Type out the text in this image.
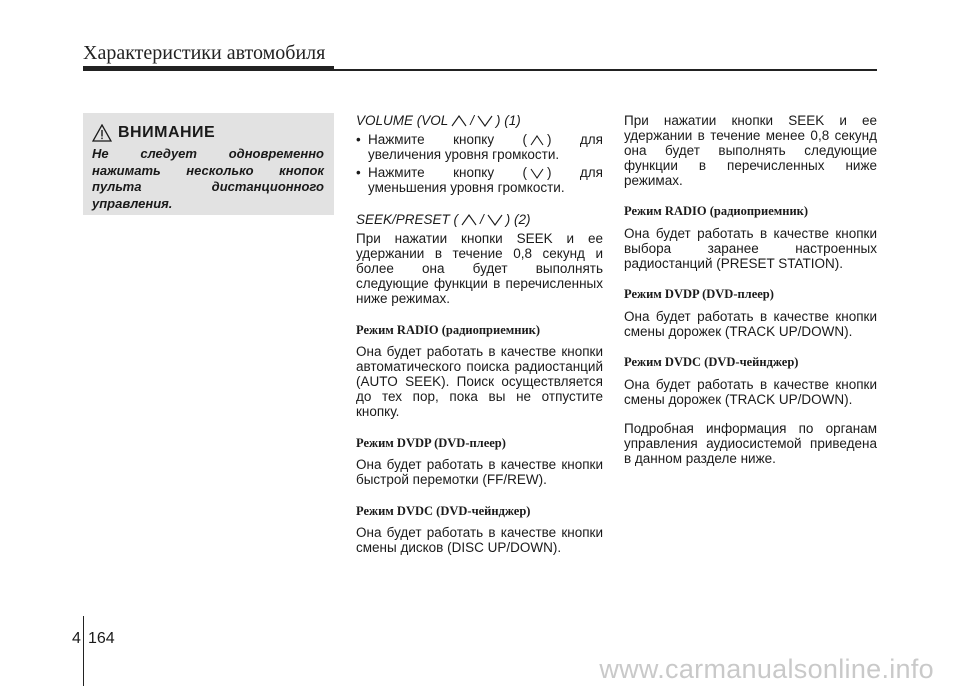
Характеристики автомобиля
ВНИМАНИЕ
Не следует одновременно нажимать несколько кнопок пульта дистанционного управления.
VOLUME (VOL / ) (1)
• Нажмите кнопку ( ) для увеличения уровня громкости.
• Нажмите кнопку ( ) для уменьшения уровня громкости.
SEEK/PRESET ( / ) (2)

При нажатии кнопки SEEK и ее удержании в течение 0,8 секунд и более она будет выполнять следующие функции в перечисленных ниже режимах.

Режим RADIO (радиоприемник)

Она будет работать в качестве кнопки автоматического поиска радиостанций (AUTO SEEK). Поиск осуществляется до тех пор, пока вы не отпустите кнопку.

Режим DVDP (DVD-плеер)

Она будет работать в качестве кнопки быстрой перемотки (FF/REW).

Режим DVDC (DVD-чейнджер)

Она будет работать в качестве кнопки смены дисков (DISC UP/DOWN).

При нажатии кнопки SEEK и ее удержании в течение менее 0,8 секунд она будет выполнять следующие функции в перечисленных ниже режимах.

Режим RADIO (радиоприемник)

Она будет работать в качестве кнопки выбора заранее настроенных радиостанций (PRESET STATION).

Режим DVDP (DVD-плеер)

Она будет работать в качестве кнопки смены дорожек (TRACK UP/DOWN).

Режим DVDC (DVD-чейнджер)

Она будет работать в качестве кнопки смены дорожек (TRACK UP/DOWN).

Подробная информация по органам управления аудиосистемой приведена в данном разделе ниже.

4 164
www.carmanualsonline.info
